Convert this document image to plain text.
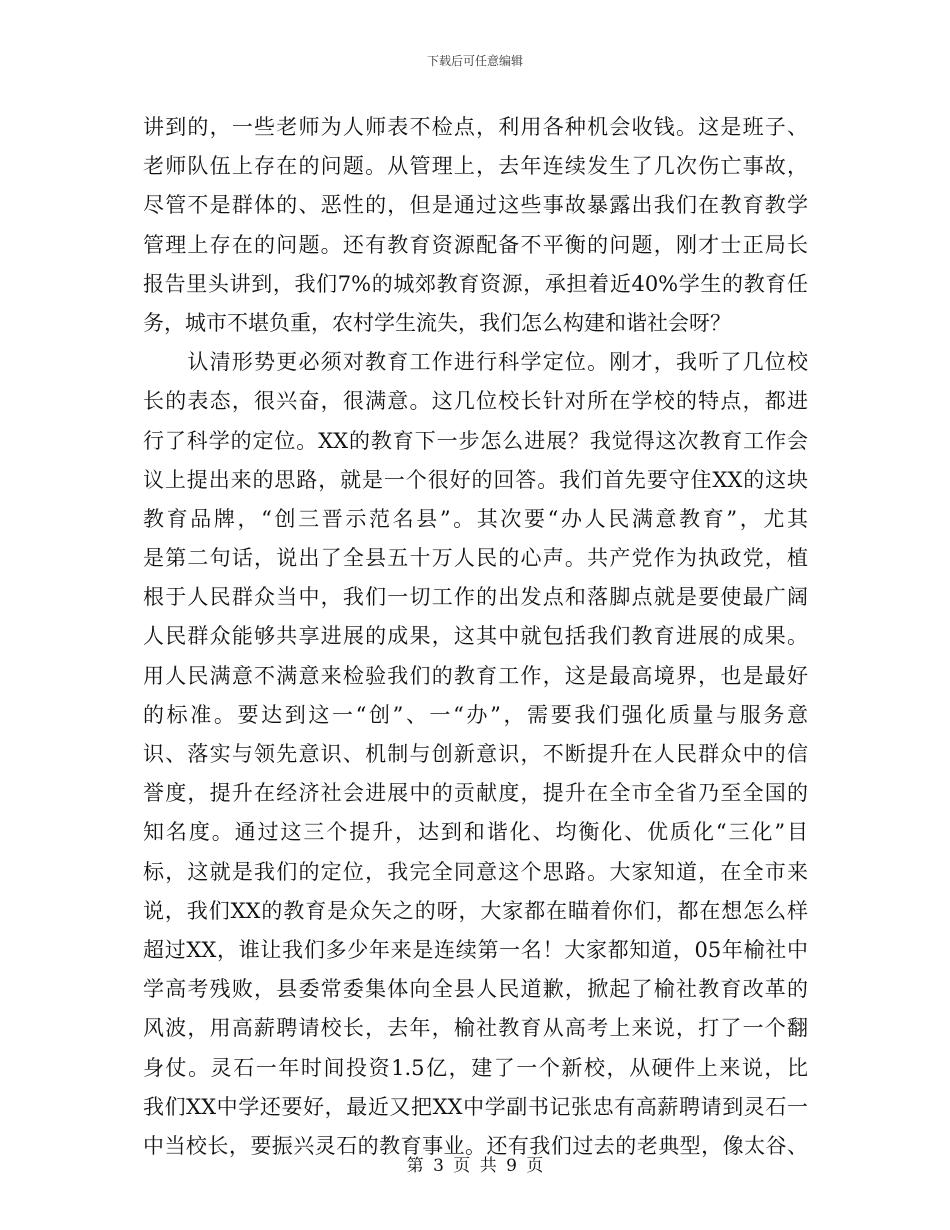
下载后可任意编辑
讲到的，一些老师为人师表不检点，利用各种机会收钱。这是班子、
老师队伍上存在的问题。从管理上，去年连续发生了几次伤亡事故，
尽管不是群体的、恶性的，但是通过这些事故暴露出我们在教育教学
管理上存在的问题。还有教育资源配备不平衡的问题，刚才士正局长
报告里头讲到，我们7%的城郊教育资源，承担着近40%学生的教育任
务，城市不堪负重，农村学生流失，我们怎么构建和谐社会呀？
　　认清形势更必须对教育工作进行科学定位。刚才，我听了几位校
长的表态，很兴奋，很满意。这几位校长针对所在学校的特点，都进
行了科学的定位。XX的教育下一步怎么进展？我觉得这次教育工作会
议上提出来的思路，就是一个很好的回答。我们首先要守住XX的这块
教育品牌，“创三晋示范名县”。其次要“办人民满意教育”，尤其
是第二句话，说出了全县五十万人民的心声。共产党作为执政党，植
根于人民群众当中，我们一切工作的出发点和落脚点就是要使最广阔
人民群众能够共享进展的成果，这其中就包括我们教育进展的成果。
用人民满意不满意来检验我们的教育工作，这是最高境界，也是最好
的标准。要达到这一“创”、一“办”，需要我们强化质量与服务意
识、落实与领先意识、机制与创新意识，不断提升在人民群众中的信
誉度，提升在经济社会进展中的贡献度，提升在全市全省乃至全国的
知名度。通过这三个提升，达到和谐化、均衡化、优质化“三化”目
标，这就是我们的定位，我完全同意这个思路。大家知道，在全市来
说，我们XX的教育是众矢之的呀，大家都在瞄着你们，都在想怎么样
超过XX，谁让我们多少年来是连续第一名！大家都知道，05年榆社中
学高考残败，县委常委集体向全县人民道歉，掀起了榆社教育改革的
风波，用高薪聘请校长，去年，榆社教育从高考上来说，打了一个翻
身仗。灵石一年时间投资1.5亿，建了一个新校，从硬件上来说，比
我们XX中学还要好，最近又把XX中学副书记张忠有高薪聘请到灵石一
中当校长，要振兴灵石的教育事业。还有我们过去的老典型，像太谷、
第 3 页 共 9 页
